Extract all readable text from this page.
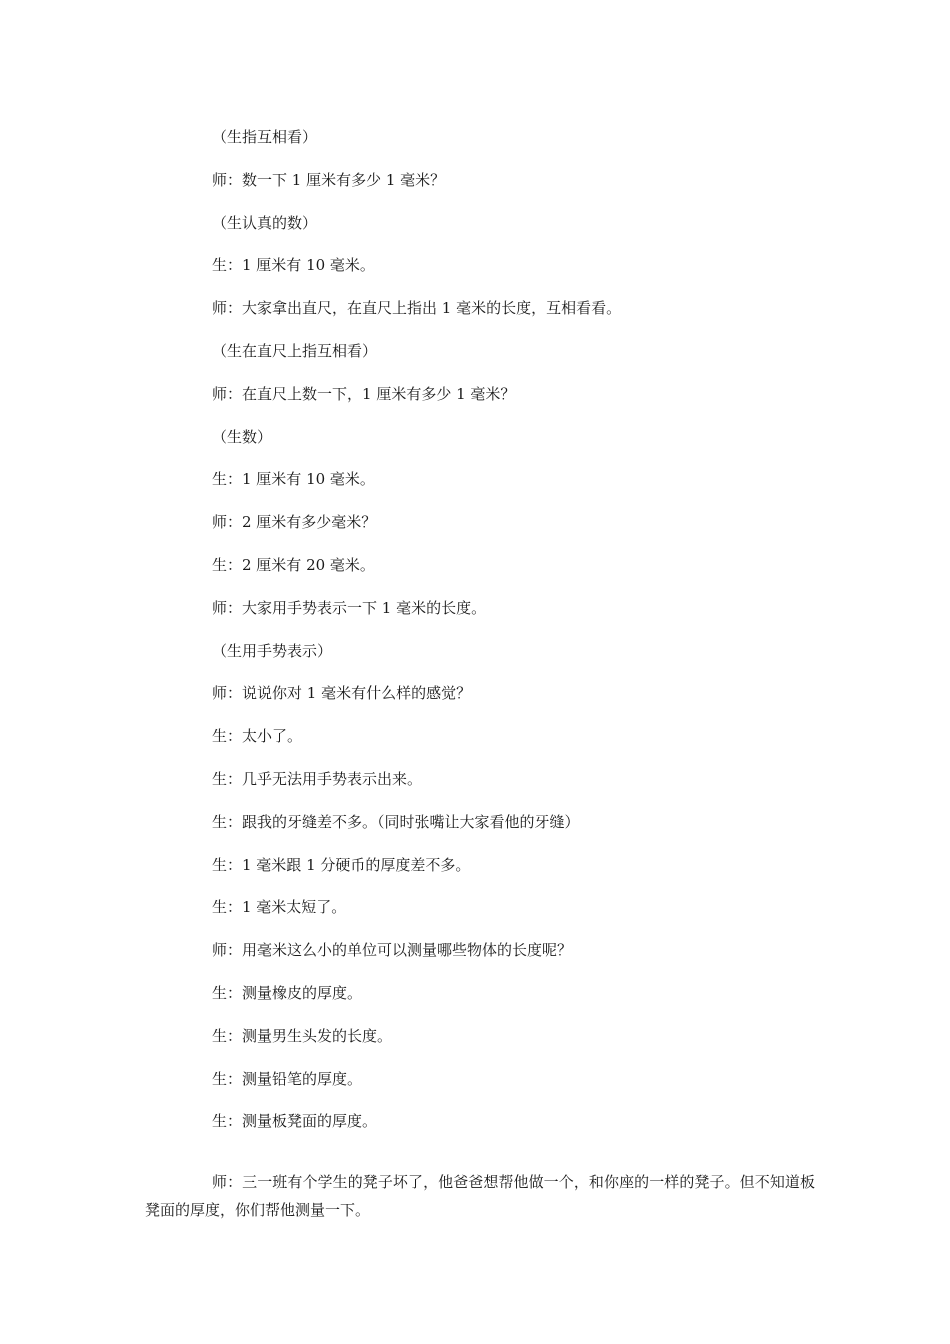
（生指互相看）
师：数一下 1 厘米有多少 1 毫米？
（生认真的数）
生：1 厘米有 10 毫米。
师：大家拿出直尺，在直尺上指出 1 毫米的长度，互相看看。
（生在直尺上指互相看）
师：在直尺上数一下，1 厘米有多少 1 毫米？
（生数）
生：1 厘米有 10 毫米。
师：2 厘米有多少毫米？
生：2 厘米有 20 毫米。
师：大家用手势表示一下 1 毫米的长度。
（生用手势表示）
师：说说你对 1 毫米有什么样的感觉？
生：太小了。
生：几乎无法用手势表示出来。
生：跟我的牙缝差不多。（同时张嘴让大家看他的牙缝）
生：1 毫米跟 1 分硬币的厚度差不多。
生：1 毫米太短了。
师：用毫米这么小的单位可以测量哪些物体的长度呢？
生：测量橡皮的厚度。
生：测量男生头发的长度。
生：测量铅笔的厚度。
生：测量板凳面的厚度。

师：三一班有个学生的凳子坏了，他爸爸想帮他做一个，和你座的一样的凳子。但不知道板凳面的厚度，你们帮他测量一下。
